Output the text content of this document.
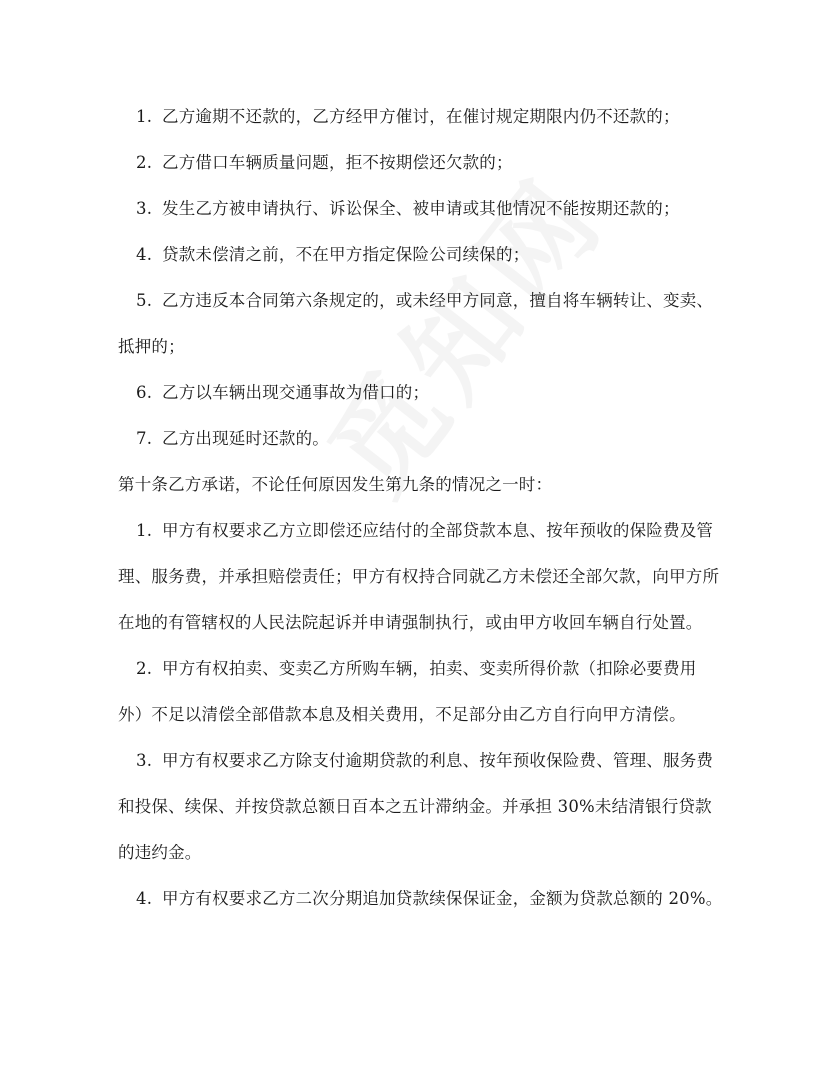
1. 乙方逾期不还款的，乙方经甲方催讨，在催讨规定期限内仍不还款的；
2. 乙方借口车辆质量问题，拒不按期偿还欠款的；
3. 发生乙方被申请执行、诉讼保全、被申请或其他情况不能按期还款的；
4. 贷款未偿清之前，不在甲方指定保险公司续保的；
5. 乙方违反本合同第六条规定的，或未经甲方同意，擅自将车辆转让、变卖、
抵押的；
6. 乙方以车辆出现交通事故为借口的；
7. 乙方出现延时还款的。
第十条乙方承诺，不论任何原因发生第九条的情况之一时：
1. 甲方有权要求乙方立即偿还应结付的全部贷款本息、按年预收的保险费及管
理、服务费，并承担赔偿责任；甲方有权持合同就乙方未偿还全部欠款，向甲方所
在地的有管辖权的人民法院起诉并申请强制执行，或由甲方收回车辆自行处置。
2. 甲方有权拍卖、变卖乙方所购车辆，拍卖、变卖所得价款（扣除必要费用
外）不足以清偿全部借款本息及相关费用，不足部分由乙方自行向甲方清偿。
3. 甲方有权要求乙方除支付逾期贷款的利息、按年预收保险费、管理、服务费
和投保、续保、并按贷款总额日百本之五计滞纳金。并承担 30%未结清银行贷款
的违约金。
4. 甲方有权要求乙方二次分期追加贷款续保保证金，金额为贷款总额的 20%。
